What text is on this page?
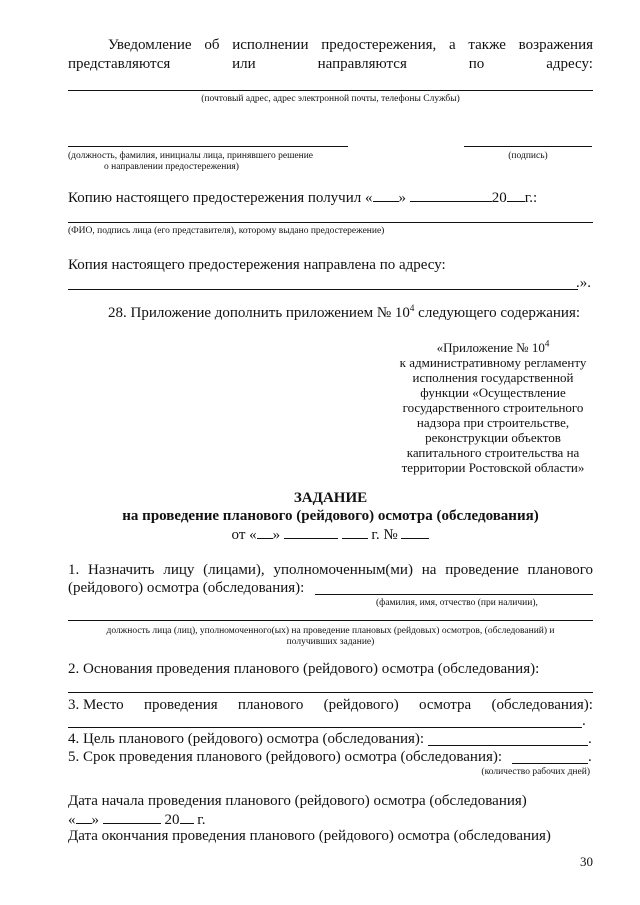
Уведомление об исполнении предостережения, а также возражения
представляются	или	направляются	по	адресу:
(почтовый адрес, адрес электронной почты, телефоны Службы)
(должность, фамилия, инициалы лица, принявшего решение
о направлении предостережения)
(подпись)
Копию настоящего предостережения получил « »	20 г.:
(ФИО, подпись лица (его представителя), которому выдано предостережение)
Копия настоящего предостережения направлена по адресу:
.».
28. Приложение дополнить приложением № $10^4$ следующего содержания:
«Приложение № $10^4$
к административному регламенту
исполнения государственной
функции «Осуществление
государственного строительного
надзора при строительстве,
реконструкции объектов
капитального строительства на
территории Ростовской области»
ЗАДАНИЕ
на проведение планового (рейдового) осмотра (обследования)
от « »	г. №
1. Назначить лицу (лицами), уполномоченным(ми) на проведение планового
(рейдового) осмотра (обследования):
(фамилия, имя, отчество (при наличии),
должность лица (лиц), уполномоченного(ых) на проведение плановых (рейдовых) осмотров, (обследований) и
получивших задание)
2. Основания проведения планового (рейдового) осмотра (обследования):
3. Место проведения планового (рейдового) осмотра (обследования):
.
4. Цель планового (рейдового) осмотра (обследования):	.
5. Срок проведения планового (рейдового) осмотра (обследования):	.
(количество рабочих дней)
Дата начала проведения планового (рейдового) осмотра (обследования)
« »	20 г.
Дата окончания проведения планового (рейдового) осмотра (обследования)
30
